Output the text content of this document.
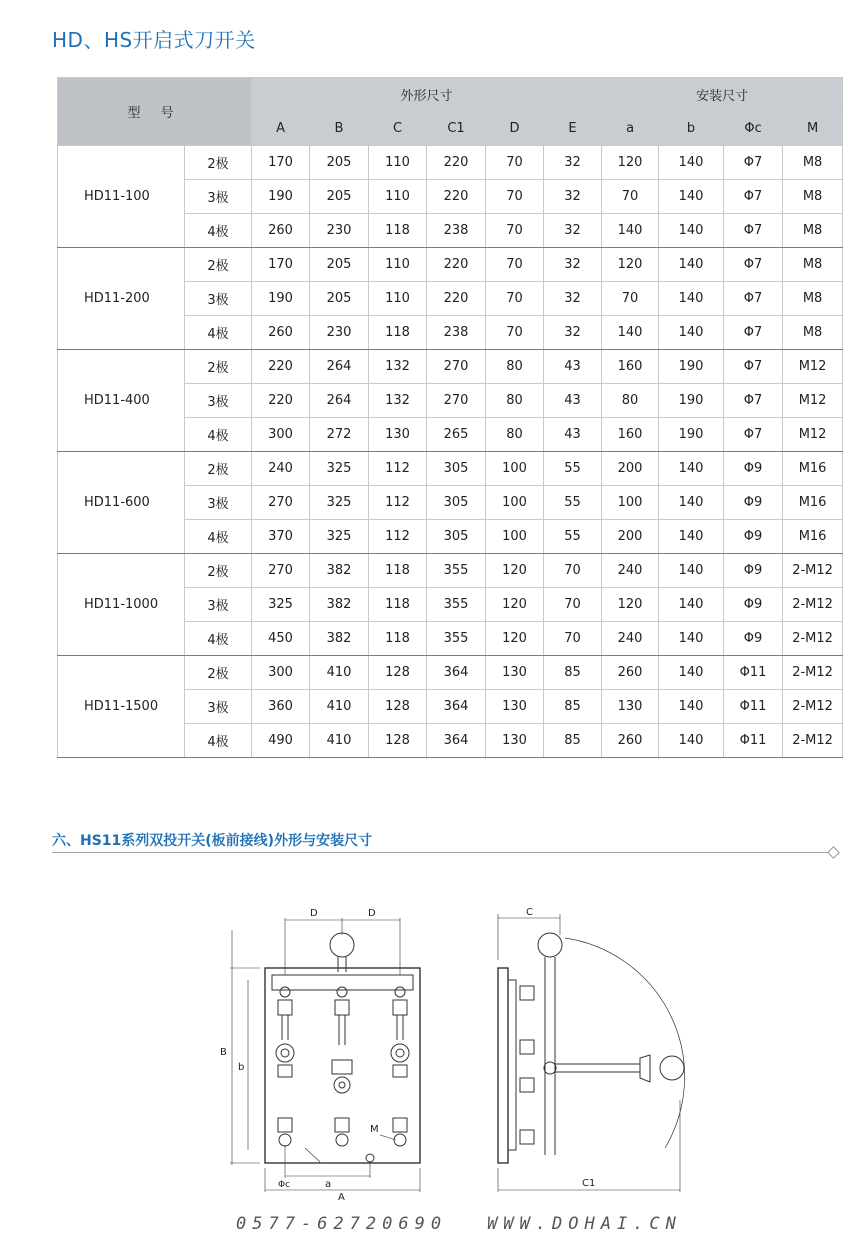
HD、HS开启式刀开关
型 号		外形尺寸						安装尺寸			
		A	B	C	C1	D	E	a	b	Φc	M
HD11-100	2极	170	205	110	220	70	32	120	140	Φ7	M8
	3极	190	205	110	220	70	32	70	140	Φ7	M8
	4极	260	230	118	238	70	32	140	140	Φ7	M8
HD11-200	2极	170	205	110	220	70	32	120	140	Φ7	M8
	3极	190	205	110	220	70	32	70	140	Φ7	M8
	4极	260	230	118	238	70	32	140	140	Φ7	M8
HD11-400	2极	220	264	132	270	80	43	160	190	Φ7	M12
	3极	220	264	132	270	80	43	80	190	Φ7	M12
	4极	300	272	130	265	80	43	160	190	Φ7	M12
HD11-600	2极	240	325	112	305	100	55	200	140	Φ9	M16
	3极	270	325	112	305	100	55	100	140	Φ9	M16
	4极	370	325	112	305	100	55	200	140	Φ9	M16
HD11-1000	2极	270	382	118	355	120	70	240	140	Φ9	2-M12
	3极	325	382	118	355	120	70	120	140	Φ9	2-M12
	4极	450	382	118	355	120	70	240	140	Φ9	2-M12
HD11-1500	2极	300	410	128	364	130	85	260	140	Φ11	2-M12
	3极	360	410	128	364	130	85	130	140	Φ11	2-M12
	4极	490	410	128	364	130	85	260	140	Φ11	2-M12
六、HS11系列双投开关(板前接线)外形与安装尺寸
D	D
B
b
M
Φc	a
A
C
C1
0577-62720690 WWW.DOHAI.CN
